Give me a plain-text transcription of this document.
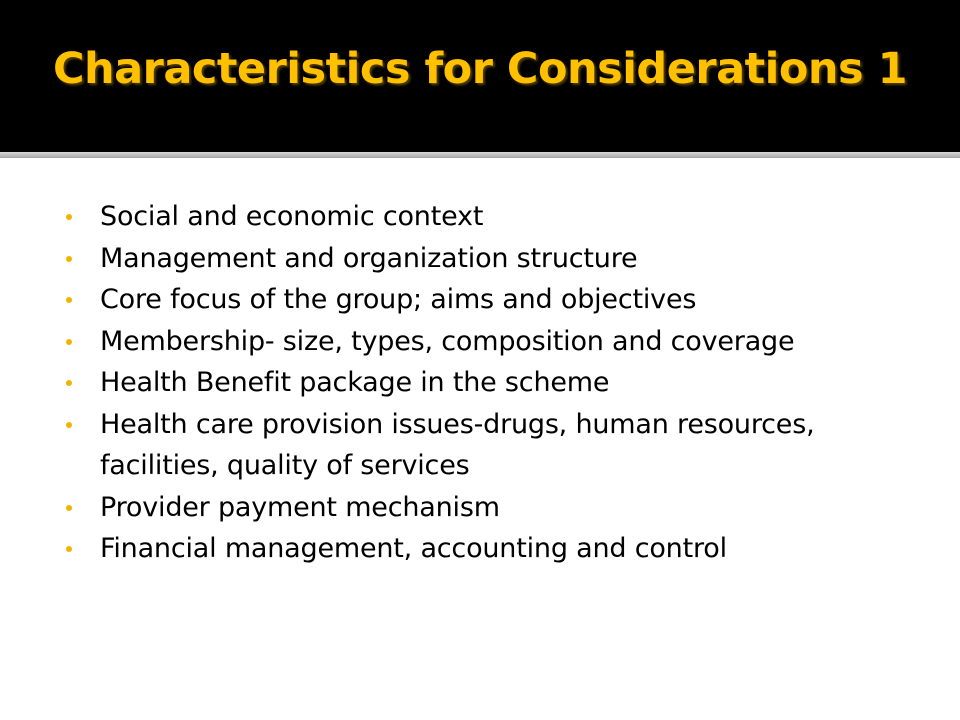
Characteristics for Considerations 1
Social and economic context
Management and organization structure
Core focus of the group; aims and objectives
Membership- size, types, composition and coverage
Health Benefit package in the scheme
Health care provision issues-drugs, human resources, facilities, quality of services
Provider payment mechanism
Financial management, accounting and control
